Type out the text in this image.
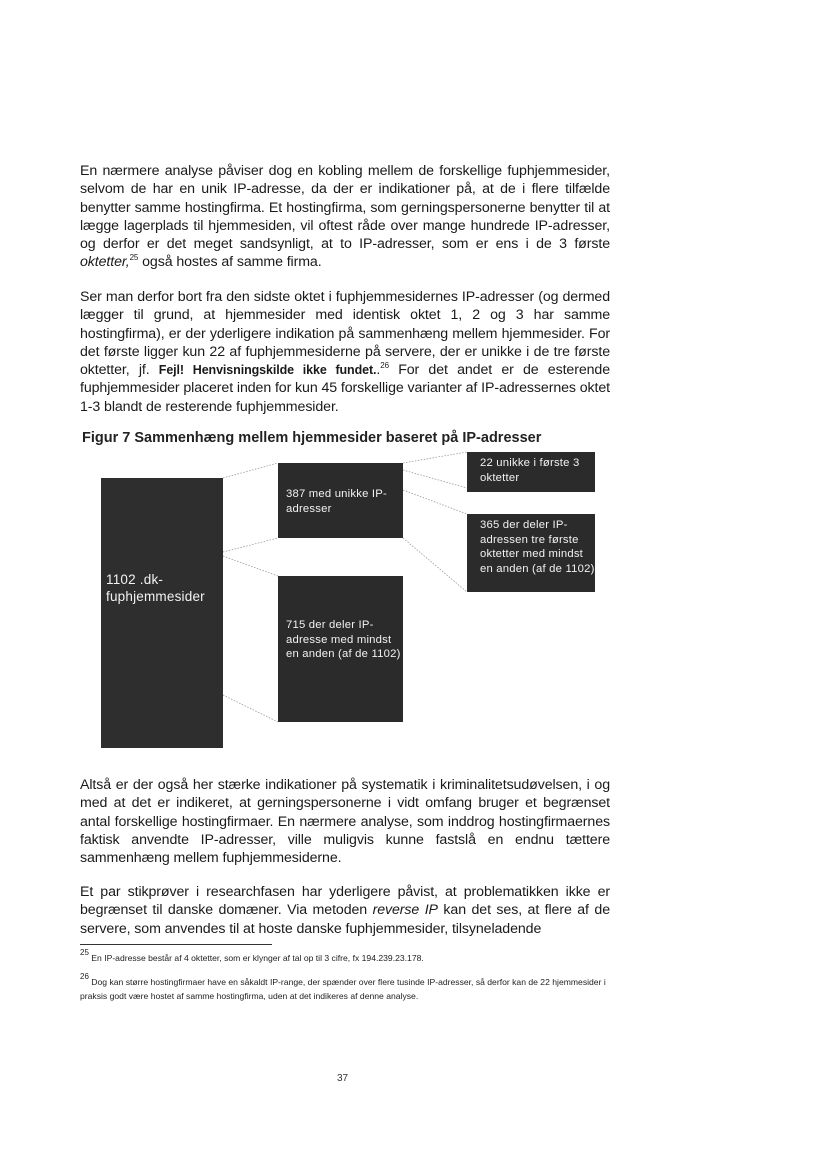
En nærmere analyse påviser dog en kobling mellem de forskellige fuphjemmesider, selvom de har en unik IP-adresse, da der er indikationer på, at de i flere tilfælde benytter samme hostingfirma. Et hostingfirma, som gerningspersonerne benytter til at lægge lagerplads til hjemmesiden, vil oftest råde over mange hundrede IP-adresser, og derfor er det meget sandsynligt, at to IP-adresser, som er ens i de 3 første oktetter,$^{25}$ også hostes af samme firma.

Ser man derfor bort fra den sidste oktet i fuphjemmesidernes IP-adresser (og dermed lægger til grund, at hjemmesider med identisk oktet 1, 2 og 3 har samme hostingfirma), er der yderligere indikation på sammenhæng mellem hjemmesider. For det første ligger kun 22 af fuphjemmesiderne på servere, der er unikke i de tre første oktetter, jf. Fejl! Henvisningskilde ikke fundet..$^{26}$ For det andet er de esterende fuphjemmesider placeret inden for kun 45 forskellige varianter af IP-adressernes oktet 1-3 blandt de resterende fuphjemmesider.

Figur 7 Sammenhæng mellem hjemmesider baseret på IP-adresser

1102 .dk-fuphjemmesider
387 med unikke IP-adresser
715 der deler IP-adresse med mindst en anden (af de 1102)
22 unikke i første 3 oktetter
365 der deler IP-adressen tre første oktetter med mindst en anden (af de 1102)

Altså er der også her stærke indikationer på systematik i kriminalitetsudøvelsen, i og med at det er indikeret, at gerningspersonerne i vidt omfang bruger et begrænset antal forskellige hostingfirmaer. En nærmere analyse, som inddrog hostingfirmaernes faktisk anvendte IP-adresser, ville muligvis kunne fastslå en endnu tættere sammenhæng mellem fuphjemmesiderne.

Et par stikprøver i researchfasen har yderligere påvist, at problematikken ikke er begrænset til danske domæner. Via metoden reverse IP kan det ses, at flere af de servere, som anvendes til at hoste danske fuphjemmesider, tilsyneladende

$^{25}$ En IP-adresse består af 4 oktetter, som er klynger af tal op til 3 cifre, fx 194.239.23.178.

$^{26}$ Dog kan større hostingfirmaer have en såkaldt IP-range, der spænder over flere tusinde IP-adresser, så derfor kan de 22 hjemmesider i praksis godt være hostet af samme hostingfirma, uden at det indikeres af denne analyse.

37
